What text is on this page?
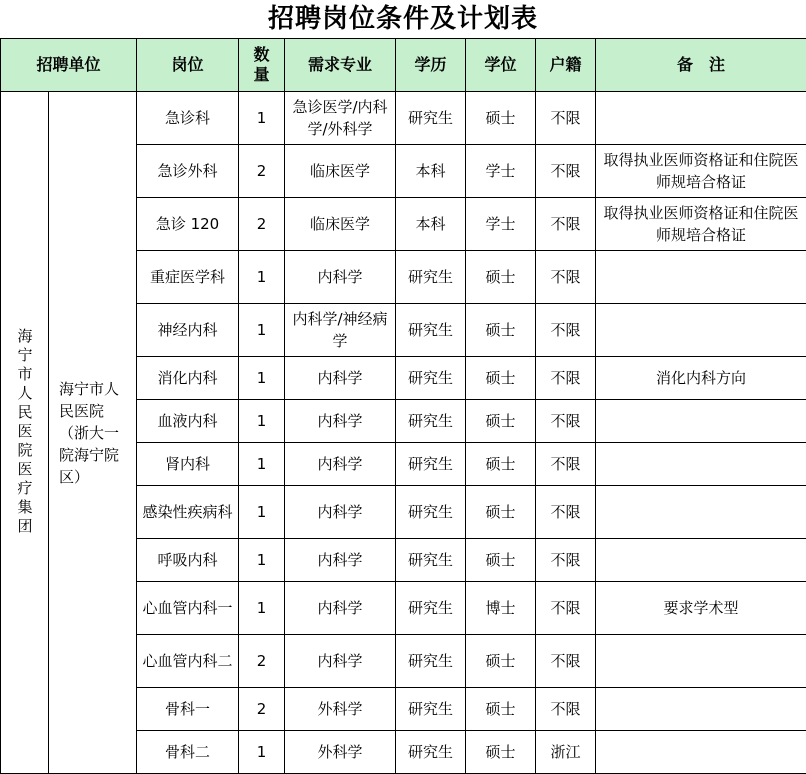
招聘岗位条件及计划表
招聘单位		岗位	数量	需求专业	学历	学位	户籍	备　注

海宁市人民医院医疗集团	海宁市人民医院（浙大一院海宁院区）	急诊科	1	急诊医学/内科学/外科学	研究生	硕士	不限	
		急诊外科	2	临床医学	本科	学士	不限	取得执业医师资格证和住院医师规培合格证
		急诊 120	2	临床医学	本科	学士	不限	取得执业医师资格证和住院医师规培合格证
		重症医学科	1	内科学	研究生	硕士	不限	
		神经内科	1	内科学/神经病学	研究生	硕士	不限	
		消化内科	1	内科学	研究生	硕士	不限	消化内科方向
		血液内科	1	内科学	研究生	硕士	不限	
		肾内科	1	内科学	研究生	硕士	不限	
		感染性疾病科	1	内科学	研究生	硕士	不限	
		呼吸内科	1	内科学	研究生	硕士	不限	
		心血管内科一	1	内科学	研究生	博士	不限	要求学术型
		心血管内科二	2	内科学	研究生	硕士	不限	
		骨科一	2	外科学	研究生	硕士	不限	
		骨科二	1	外科学	研究生	硕士	浙江	
